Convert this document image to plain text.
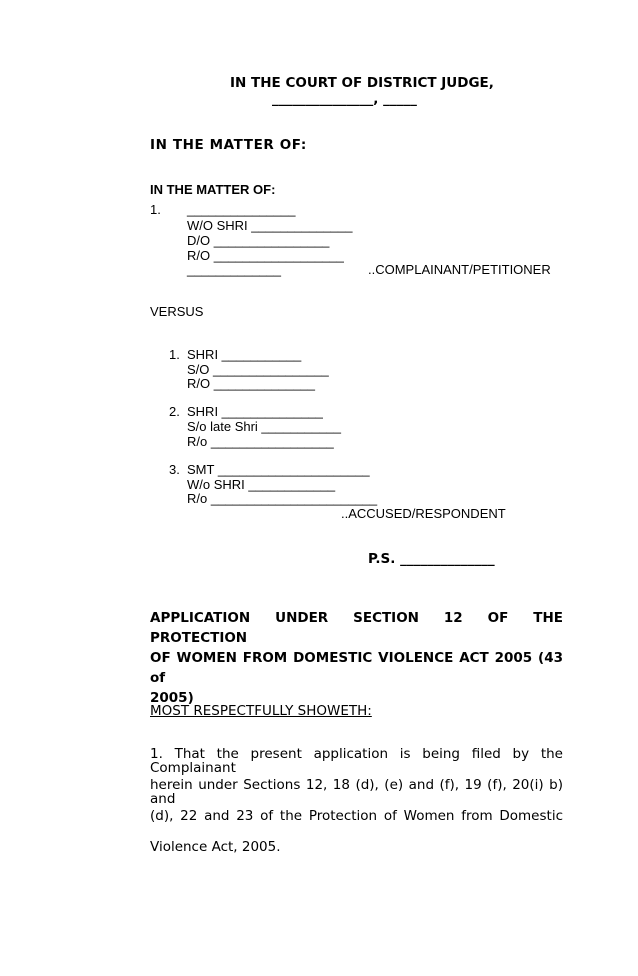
IN THE COURT OF DISTRICT JUDGE,
_______________, _____
IN THE MATTER OF:
IN THE MATTER OF:
1. _______________
W/O SHRI ______________
D/O ________________
R/O __________________
_____________	..COMPLAINANT/PETITIONER
VERSUS
1. SHRI ___________
S/O ________________
R/O ______________
2. SHRI ______________
S/o late Shri ___________
R/o _________________
3. SMT _____________________
W/o SHRI ____________
R/o _______________________
..ACCUSED/RESPONDENT
P.S. ______________
APPLICATION UNDER SECTION 12 OF THE PROTECTION
OF WOMEN FROM DOMESTIC VIOLENCE ACT 2005 (43 of
2005)
MOST RESPECTFULLY SHOWETH:
1. That the present application is being filed by the Complainant
herein under Sections 12, 18 (d), (e) and (f), 19 (f), 20(i) b) and
(d), 22 and 23 of the Protection of Women from Domestic
Violence Act, 2005.
